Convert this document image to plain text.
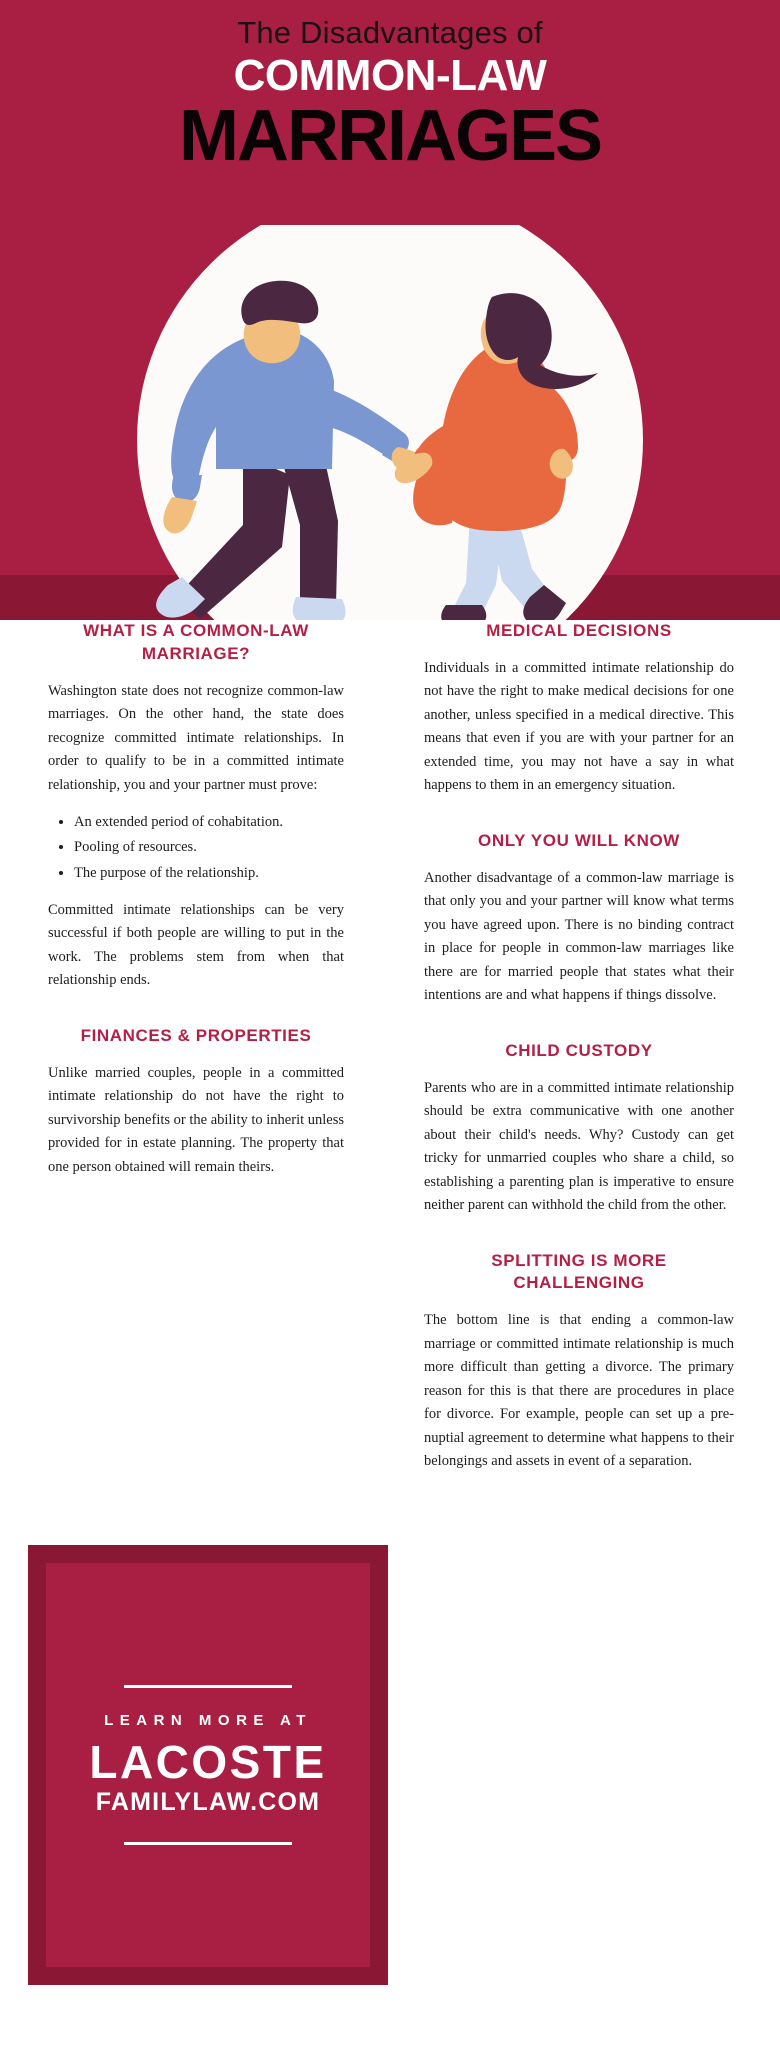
The Disadvantages of
COMMON-LAW
MARRIAGES
WHAT IS A COMMON-LAW MARRIAGE?

Washington state does not recognize common-law marriages. On the other hand, the state does recognize committed intimate relationships. In order to qualify to be in a committed intimate relationship, you and your partner must prove:

• An extended period of cohabitation.
• Pooling of resources.
• The purpose of the relationship.

Committed intimate relationships can be very successful if both people are willing to put in the work. The problems stem from when that relationship ends.

FINANCES & PROPERTIES

Unlike married couples, people in a committed intimate relationship do not have the right to survivorship benefits or the ability to inherit unless provided for in estate planning. The property that one person obtained will remain theirs.

MEDICAL DECISIONS

Individuals in a committed intimate relationship do not have the right to make medical decisions for one another, unless specified in a medical directive. This means that even if you are with your partner for an extended time, you may not have a say in what happens to them in an emergency situation.

ONLY YOU WILL KNOW

Another disadvantage of a common-law marriage is that only you and your partner will know what terms you have agreed upon. There is no binding contract in place for people in common-law marriages like there are for married people that states what their intentions are and what happens if things dissolve.

CHILD CUSTODY

Parents who are in a committed intimate relationship should be extra communicative with one another about their child's needs. Why? Custody can get tricky for unmarried couples who share a child, so establishing a parenting plan is imperative to ensure neither parent can withhold the child from the other.

SPLITTING IS MORE CHALLENGING

The bottom line is that ending a common-law marriage or committed intimate relationship is much more difficult than getting a divorce. The primary reason for this is that there are procedures in place for divorce. For example, people can set up a pre-nuptial agreement to determine what happens to their belongings and assets in event of a separation.

LEARN MORE AT
LACOSTE
FAMILYLAW.COM
